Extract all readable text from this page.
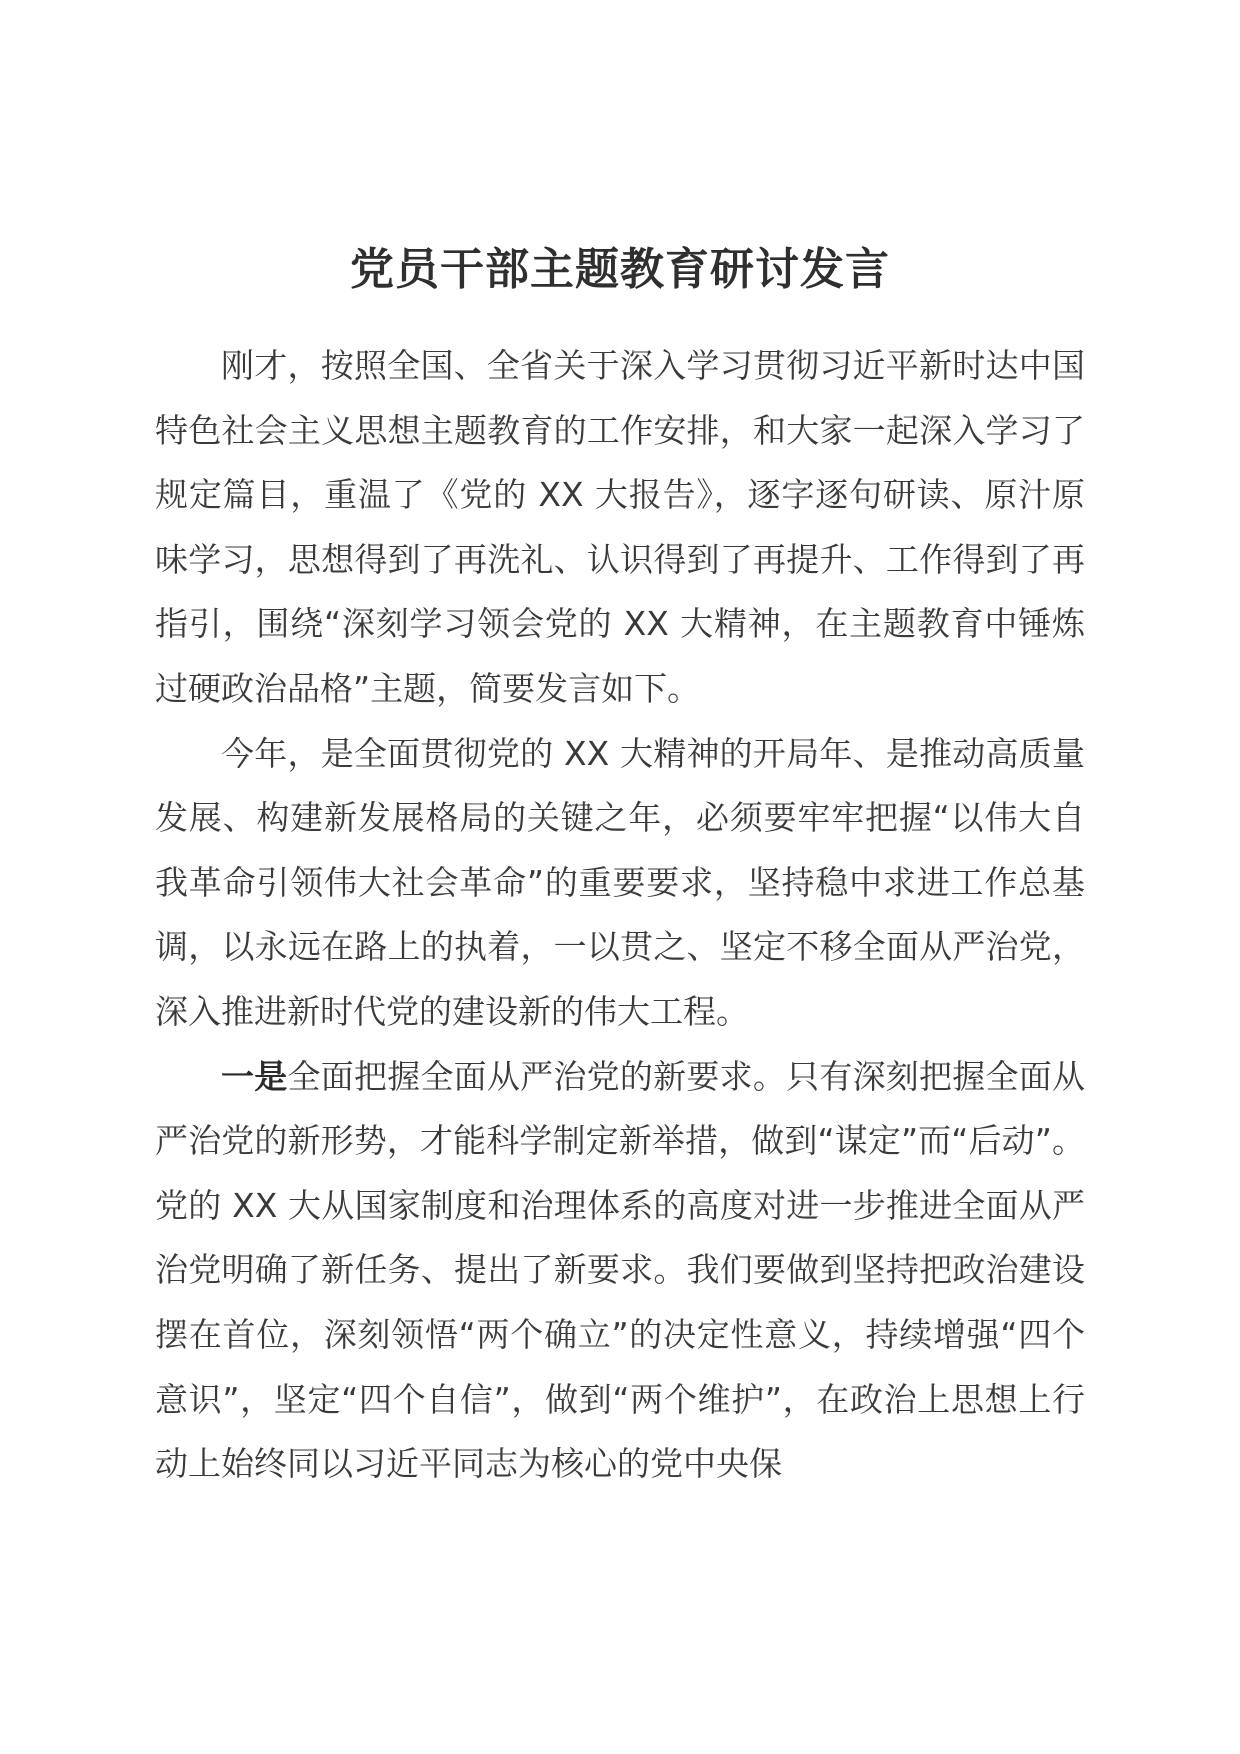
党员干部主题教育研讨发言

刚才，按照全国、全省关于深入学习贯彻习近平新时达中国特色社会主义思想主题教育的工作安排，和大家一起深入学习了规定篇目，重温了《党的 XX 大报告》，逐字逐句研读、原汁原味学习，思想得到了再洗礼、认识得到了再提升、工作得到了再指引，围绕“深刻学习领会党的 XX 大精神，在主题教育中锤炼过硬政治品格”主题，简要发言如下。

今年，是全面贯彻党的 XX 大精神的开局年、是推动高质量发展、构建新发展格局的关键之年，必须要牢牢把握“以伟大自我革命引领伟大社会革命”的重要要求，坚持稳中求进工作总基调，以永远在路上的执着，一以贯之、坚定不移全面从严治党，深入推进新时代党的建设新的伟大工程。

一是全面把握全面从严治党的新要求。只有深刻把握全面从严治党的新形势，才能科学制定新举措，做到“谋定”而“后动”。党的 XX 大从国家制度和治理体系的高度对进一步推进全面从严治党明确了新任务、提出了新要求。我们要做到坚持把政治建设摆在首位，深刻领悟“两个确立”的决定性意义，持续增强“四个意识”，坚定“四个自信”，做到“两个维护”，在政治上思想上行动上始终同以习近平同志为核心的党中央保
